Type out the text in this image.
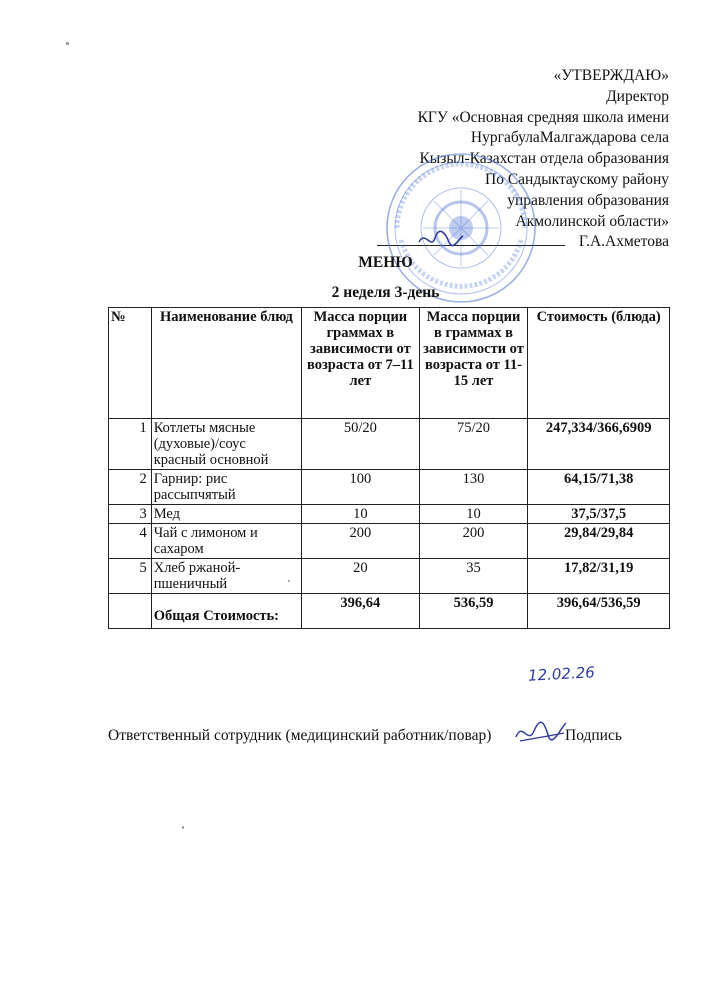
«УТВЕРЖДАЮ»
Директор
КГУ «Основная средняя школа имени
НургабулаМалгаждарова села
Кызыл-Казахстан отдела образования
По Сандыктаускому району
управления образования
Акмолинской области»
Г.А.Ахметова
МЕНЮ
2 неделя 3-день
№	Наименование блюд	Масса порции граммах в зависимости от возраста от 7–11 лет	Масса порции в граммах в зависимости от возраста от 11-15 лет	Стоимость (блюда)
1	Котлеты мясные (духовые)/соус красный основной	50/20	75/20	247,334/366,6909
2	Гарнир: рис рассыпчятый	100	130	64,15/71,38
3	Мед	10	10	37,5/37,5
4	Чай с лимоном и сахаром	200	200	29,84/29,84
5	Хлеб ржаной-пшеничный	20	35	17,82/31,19
	Общая Стоимость:	396,64	536,59	396,64/536,59
12.02.26
Ответственный сотрудник (медицинский работник/повар)	Подпись
